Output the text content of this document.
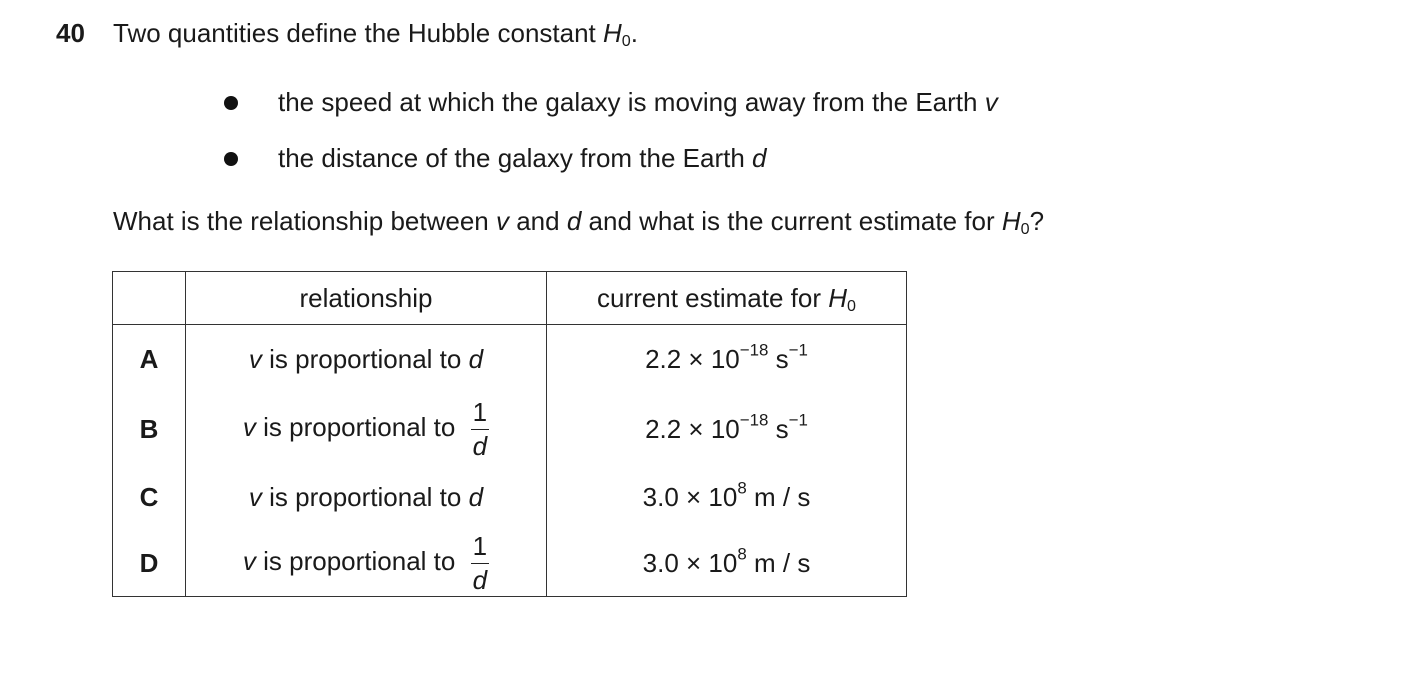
40 Two quantities define the Hubble constant $H_0$.
the speed at which the galaxy is moving away from the Earth v
the distance of the galaxy from the Earth d
What is the relationship between v and d and what is the current estimate for $H_0$?
	relationship	current estimate for $H_0$
A	v is proportional to d	$2.2 \times 10^{-18}$ $s^{-1}$
B	v is proportional to $\frac{1}{d}$	$2.2 \times 10^{-18}$ $s^{-1}$
C	v is proportional to d	$3.0 \times 10^8$ m / s
D	v is proportional to $\frac{1}{d}$	$3.0 \times 10^8$ m / s
